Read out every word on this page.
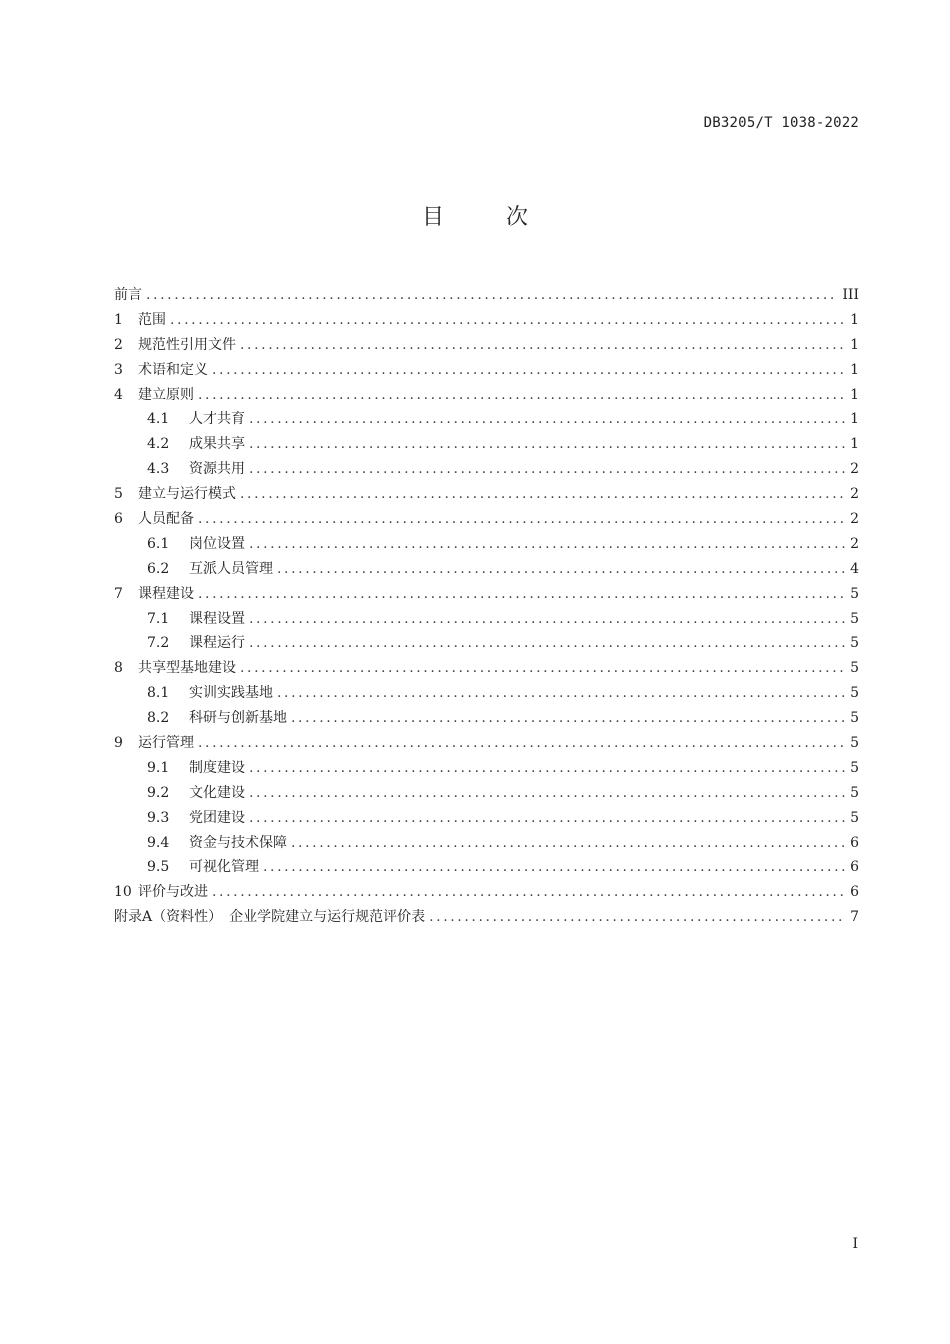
DB3205/T 1038-2022
目次
前言 .....	III
1	范围 .....	1
2	规范性引用文件 .....	1
3	术语和定义 .....	1
4	建立原则 .....	1
4.1	人才共育 .....	1
4.2	成果共享 .....	1
4.3	资源共用 .....	2
5	建立与运行模式 .....	2
6	人员配备 .....	2
6.1	岗位设置 .....	2
6.2	互派人员管理 .....	4
7	课程建设 .....	5
7.1	课程设置 .....	5
7.2	课程运行 .....	5
8	共享型基地建设 .....	5
8.1	实训实践基地 .....	5
8.2	科研与创新基地 .....	5
9	运行管理 .....	5
9.1	制度建设 .....	5
9.2	文化建设 .....	5
9.3	党团建设 .....	5
9.4	资金与技术保障 .....	6
9.5	可视化管理 .....	6
10 评价与改进 .....	6
附录A（资料性）　企业学院建立与运行规范评价表 .....	7
I
